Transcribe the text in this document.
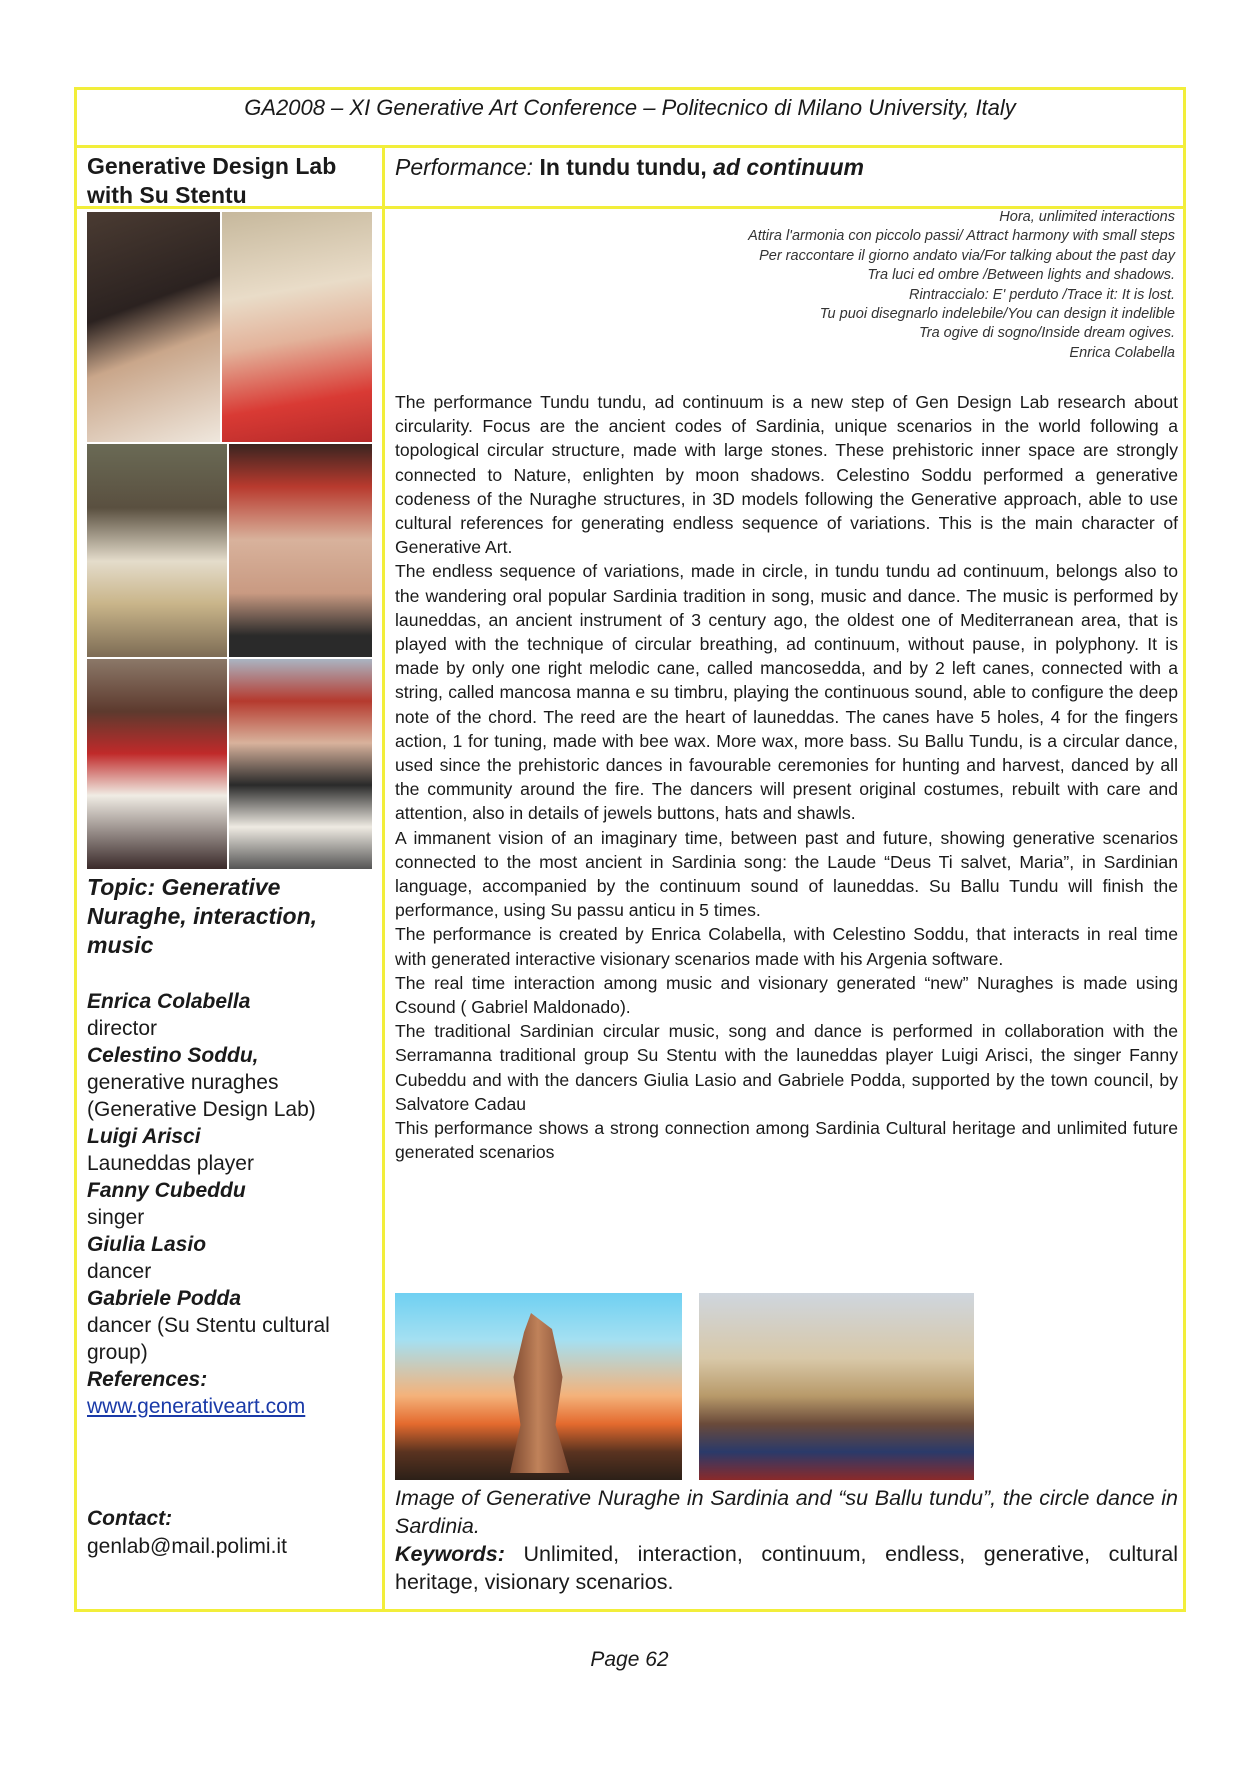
GA2008 – XI Generative Art Conference – Politecnico di Milano University, Italy
Generative Design Lab with Su Stentu
Performance: In tundu tundu, ad continuum
Topic: Generative Nuraghe, interaction, music
Enrica Colabella
director
Celestino Soddu,
generative nuraghes (Generative Design Lab)
Luigi Arisci
Launeddas player
Fanny Cubeddu
singer
Giulia Lasio
dancer
Gabriele Podda
dancer (Su Stentu cultural group)
References:
www.generativeart.com
Contact:
genlab@mail.polimi.it
Hora, unlimited interactions
Attira l'armonia con piccolo passi/ Attract harmony with small steps
Per raccontare il giorno andato via/For talking about the past day
Tra luci ed ombre /Between lights and shadows.
Rintraccialo: E' perduto /Trace it: It is lost.
Tu puoi disegnarlo indelebile/You can design it indelible
Tra ogive di sogno/Inside dream ogives.
Enrica Colabella

The performance Tundu tundu, ad continuum is a new step of Gen Design Lab research about circularity. Focus are the ancient codes of Sardinia, unique scenarios in the world following a topological circular structure, made with large stones. These prehistoric inner space are strongly connected to Nature, enlighten by moon shadows. Celestino Soddu performed a generative codeness of the Nuraghe structures, in 3D models following the Generative approach, able to use cultural references for generating endless sequence of variations. This is the main character of Generative Art.

The endless sequence of variations, made in circle, in tundu tundu ad continuum, belongs also to the wandering oral popular Sardinia tradition in song, music and dance. The music is performed by launeddas, an ancient instrument of 3 century ago, the oldest one of Mediterranean area, that is played with the technique of circular breathing, ad continuum, without pause, in polyphony. It is made by only one right melodic cane, called mancosedda, and by 2 left canes, connected with a string, called mancosa manna e su timbru, playing the continuous sound, able to configure the deep note of the chord. The reed are the heart of launeddas. The canes have 5 holes, 4 for the fingers action, 1 for tuning, made with bee wax. More wax, more bass. Su Ballu Tundu, is a circular dance, used since the prehistoric dances in favourable ceremonies for hunting and harvest, danced by all the community around the fire. The dancers will present original costumes, rebuilt with care and attention, also in details of jewels buttons, hats and shawls.

A immanent vision of an imaginary time, between past and future, showing generative scenarios connected to the most ancient in Sardinia song: the Laude “Deus Ti salvet, Maria”, in Sardinian language, accompanied by the continuum sound of launeddas. Su Ballu Tundu will finish the performance, using Su passu anticu in 5 times.

The performance is created by Enrica Colabella, with Celestino Soddu, that interacts in real time with generated interactive visionary scenarios made with his Argenia software.

The real time interaction among music and visionary generated “new” Nuraghes is made using Csound ( Gabriel Maldonado).

The traditional Sardinian circular music, song and dance is performed in collaboration with the Serramanna traditional group Su Stentu with the launeddas player Luigi Arisci, the singer Fanny Cubeddu and with the dancers Giulia Lasio and Gabriele Podda, supported by the town council, by Salvatore Cadau

This performance shows a strong connection among Sardinia Cultural heritage and unlimited future generated scenarios

Image of Generative Nuraghe in Sardinia and “su Ballu tundu”, the circle dance in Sardinia.
Keywords: Unlimited, interaction, continuum, endless, generative, cultural heritage, visionary scenarios.
Page 62
